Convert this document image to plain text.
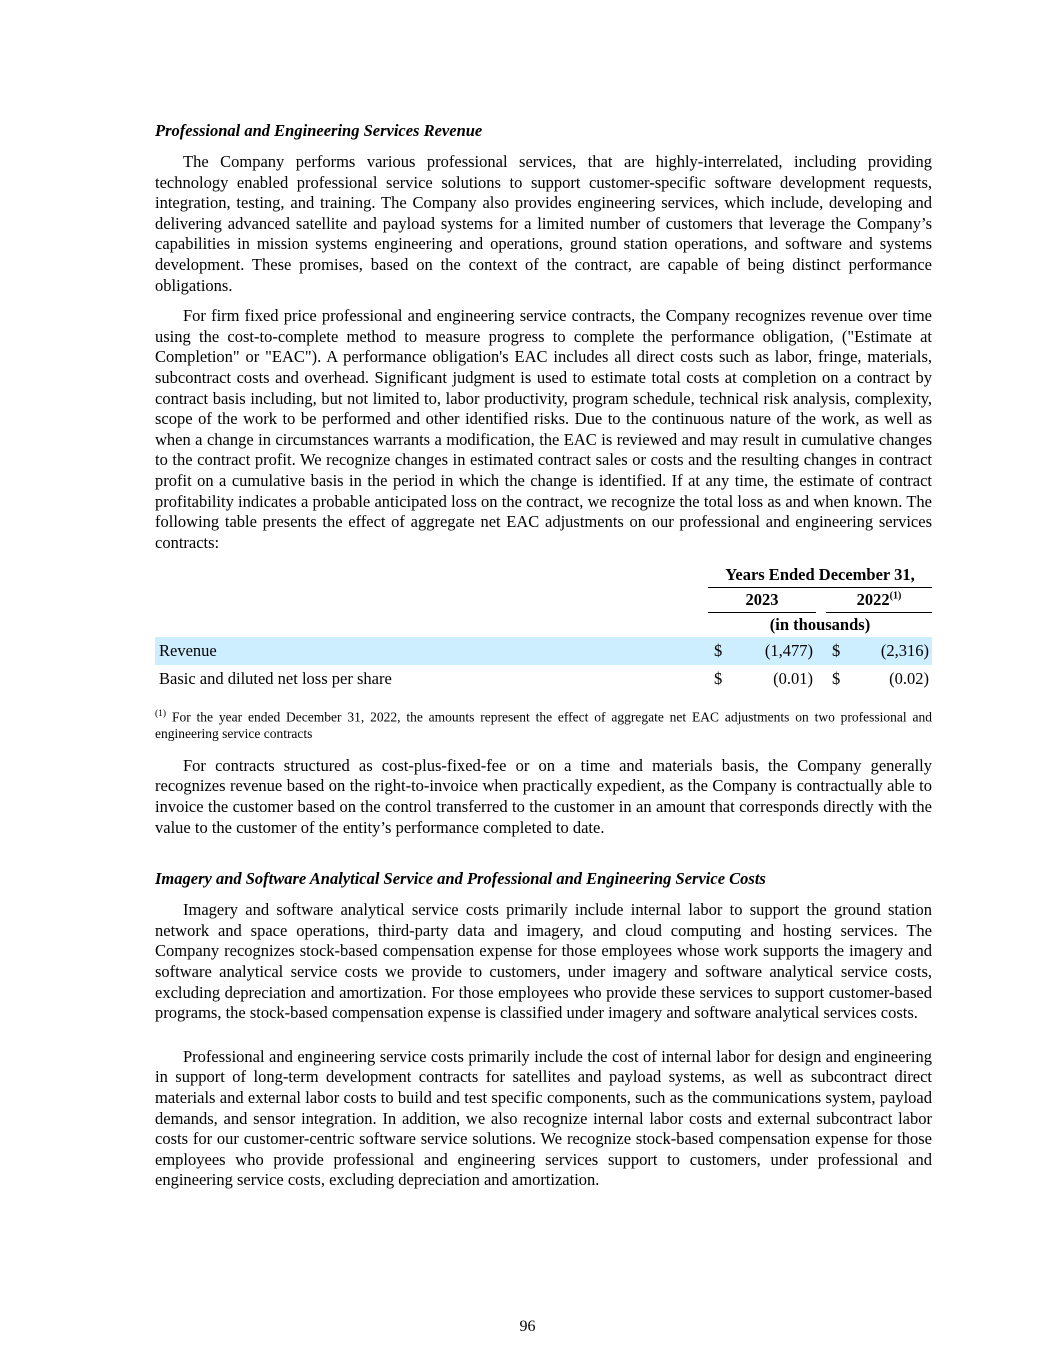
Professional and Engineering Services Revenue

The Company performs various professional services, that are highly-interrelated, including providing technology enabled professional service solutions to support customer-specific software development requests, integration, testing, and training. The Company also provides engineering services, which include, developing and delivering advanced satellite and payload systems for a limited number of customers that leverage the Company’s capabilities in mission systems engineering and operations, ground station operations, and software and systems development. These promises, based on the context of the contract, are capable of being distinct performance obligations.

For firm fixed price professional and engineering service contracts, the Company recognizes revenue over time using the cost-to-complete method to measure progress to complete the performance obligation, ("Estimate at Completion" or "EAC"). A performance obligation's EAC includes all direct costs such as labor, fringe, materials, subcontract costs and overhead. Significant judgment is used to estimate total costs at completion on a contract by contract basis including, but not limited to, labor productivity, program schedule, technical risk analysis, complexity, scope of the work to be performed and other identified risks. Due to the continuous nature of the work, as well as when a change in circumstances warrants a modification, the EAC is reviewed and may result in cumulative changes to the contract profit. We recognize changes in estimated contract sales or costs and the resulting changes in contract profit on a cumulative basis in the period in which the change is identified. If at any time, the estimate of contract profitability indicates a probable anticipated loss on the contract, we recognize the total loss as and when known. The following table presents the effect of aggregate net EAC adjustments on our professional and engineering services contracts:

	Years Ended December 31,				
	2023			2022$^{(1)}$
	(in thousands)				
Revenue	$	(1,477)		$	(2,316)
Basic and diluted net loss per share	$	(0.01)		$	(0.02)

$^{(1)}$ For the year ended December 31, 2022, the amounts represent the effect of aggregate net EAC adjustments on two professional and engineering service contracts

For contracts structured as cost-plus-fixed-fee or on a time and materials basis, the Company generally recognizes revenue based on the right-to-invoice when practically expedient, as the Company is contractually able to invoice the customer based on the control transferred to the customer in an amount that corresponds directly with the value to the customer of the entity’s performance completed to date.

Imagery and Software Analytical Service and Professional and Engineering Service Costs

Imagery and software analytical service costs primarily include internal labor to support the ground station network and space operations, third-party data and imagery, and cloud computing and hosting services. The Company recognizes stock-based compensation expense for those employees whose work supports the imagery and software analytical service costs we provide to customers, under imagery and software analytical service costs, excluding depreciation and amortization. For those employees who provide these services to support customer-based programs, the stock-based compensation expense is classified under imagery and software analytical services costs.

Professional and engineering service costs primarily include the cost of internal labor for design and engineering in support of long-term development contracts for satellites and payload systems, as well as subcontract direct materials and external labor costs to build and test specific components, such as the communications system, payload demands, and sensor integration. In addition, we also recognize internal labor costs and external subcontract labor costs for our customer-centric software service solutions. We recognize stock-based compensation expense for those employees who provide professional and engineering services support to customers, under professional and engineering service costs, excluding depreciation and amortization.

96
